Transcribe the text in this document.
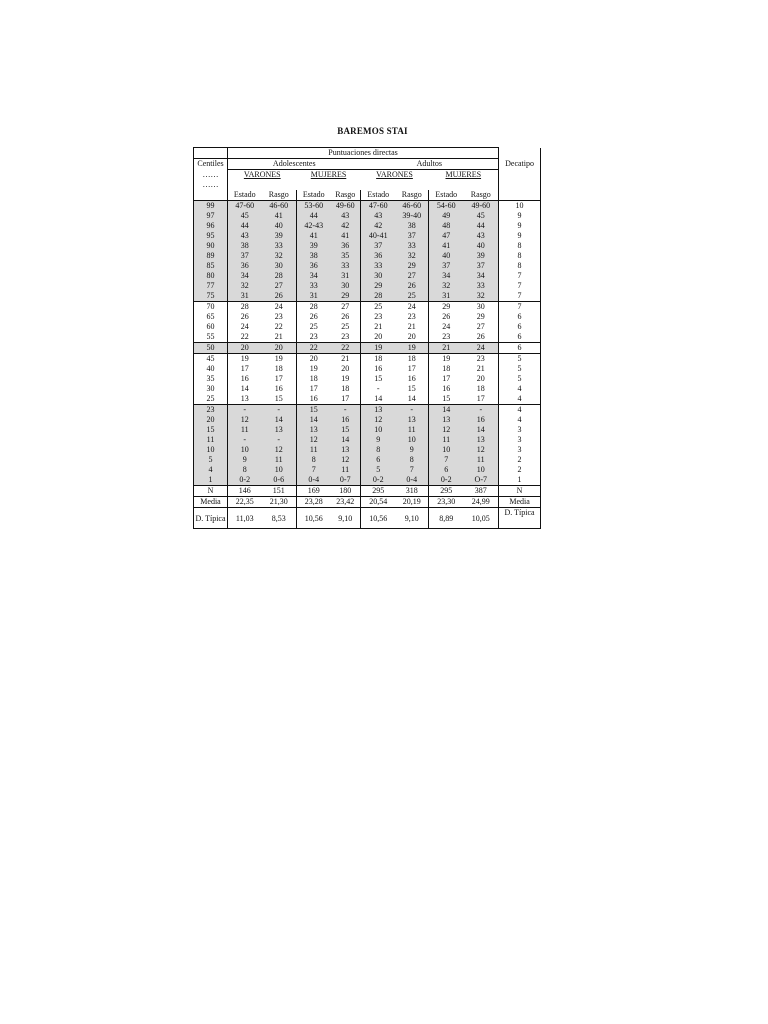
BAREMOS STAI
	Puntuaciones directas								
Centiles	Adolescentes				Adultos				Decatipo
……	VARONES		MUJERES		VARONES		MUJERES		
……									
	Estado	Rasgo	Estado	Rasgo	Estado	Rasgo	Estado	Rasgo	
99	47-60	46-60	53-60	49-60	47-60	46-60	54-60	49-60	10
97	45	41	44	43	43	39-40	49	45	9
96	44	40	42-43	42	42	38	48	44	9
95	43	39	41	41	40-41	37	47	43	9
90	38	33	39	36	37	33	41	40	8
89	37	32	38	35	36	32	40	39	8
85	36	30	36	33	33	29	37	37	8
80	34	28	34	31	30	27	34	34	7
77	32	27	33	30	29	26	32	33	7
75	31	26	31	29	28	25	31	32	7
70	28	24	28	27	25	24	29	30	7
65	26	23	26	26	23	23	26	29	6
60	24	22	25	25	21	21	24	27	6
55	22	21	23	23	20	20	23	26	6
50	20	20	22	22	19	19	21	24	6
45	19	19	20	21	18	18	19	23	5
40	17	18	19	20	16	17	18	21	5
35	16	17	18	19	15	16	17	20	5
30	14	16	17	18	-	15	16	18	4
25	13	15	16	17	14	14	15	17	4
23	-	-	15	-	13	-	14	-	4
20	12	14	14	16	12	13	13	16	4
15	11	13	13	15	10	11	12	14	3
11	-	-	12	14	9	10	11	13	3
10	10	12	11	13	8	9	10	12	3
5	9	11	8	12	6	8	7	11	2
4	8	10	7	11	5	7	6	10	2
1	0-2	0-6	0-4	0-7	0-2	0-4	0-2	O-7	1
N	146	151	169	180	295	318	295	387	N
Media	22,35	21,30	23,28	23,42	20,54	20,19	23,30	24,99	Media
D. Típica	11,03	8,53	10,56	9,10	10,56	9,10	8,89	10,05	D. Típica
